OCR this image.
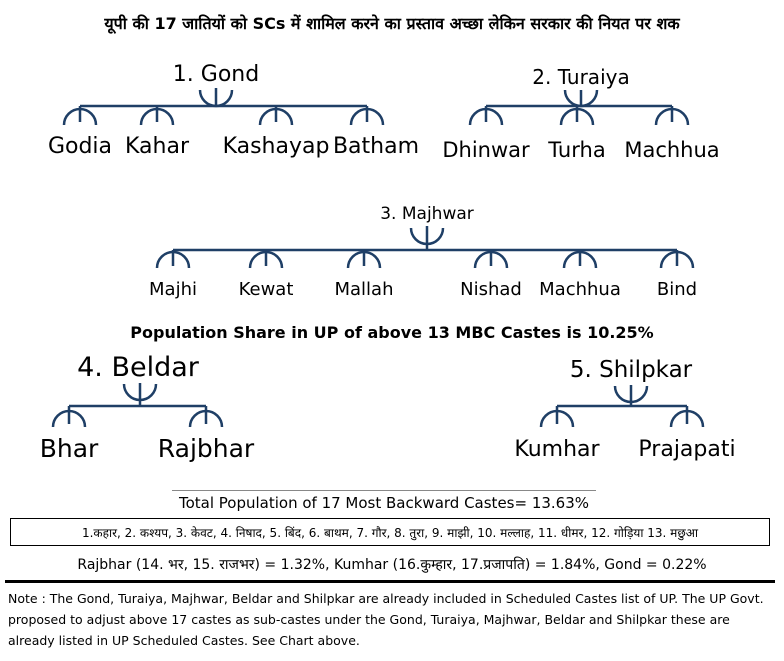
यूपी की 17 जातियों को SCs में शामिल करने का प्रस्ताव अच्छा लेकिन सरकार की नियत पर शक
1. Gond
Godia Kahar Kashayap Batham
2. Turaiya
Dhinwar Turha Machhua
3. Majhwar
Majhi Kewat Mallah	Nishad Machhua Bind
Population Share in UP of above 13 MBC Castes is 10.25%
4. Beldar
Bhar Rajbhar
5. Shilpkar
Kumhar Prajapati
Total Population of 17 Most Backward Castes= 13.63%
1.कहार, 2. कश्यप, 3. केवट, 4. निषाद, 5. बिंद, 6. बाथम, 7. गौर, 8. तुरा, 9. माझी, 10. मल्लाह, 11. धीमर, 12. गोड़िया 13. मछुआ
Rajbhar (14. भर, 15. राजभर) = 1.32%, Kumhar (16.कुम्हार, 17.प्रजापति) = 1.84%, Gond = 0.22%
Note : The Gond, Turaiya, Majhwar, Beldar and Shilpkar are already included in Scheduled Castes list of UP. The UP Govt. proposed to adjust above 17 castes as sub-castes under the Gond, Turaiya, Majhwar, Beldar and Shilpkar these are already listed in UP Scheduled Castes. See Chart above.
